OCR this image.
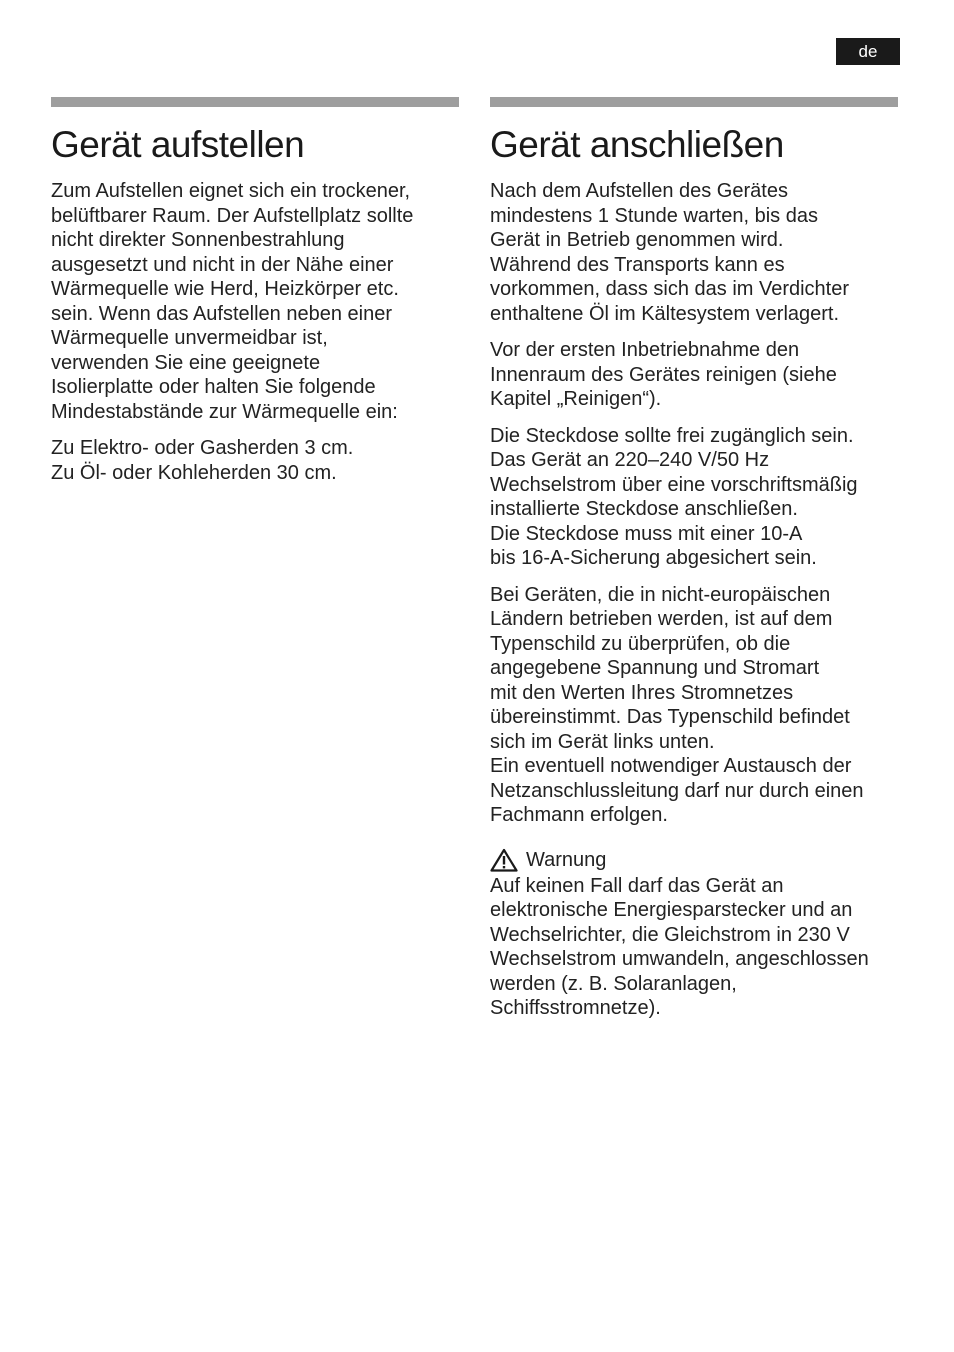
de
Gerät aufstellen

Zum Aufstellen eignet sich ein trockener,
belüftbarer Raum. Der Aufstellplatz sollte
nicht direkter Sonnenbestrahlung
ausgesetzt und nicht in der Nähe einer
Wärmequelle wie Herd, Heizkörper etc.
sein. Wenn das Aufstellen neben einer
Wärmequelle unvermeidbar ist,
verwenden Sie eine geeignete
Isolierplatte oder halten Sie folgende
Mindestabstände zur Wärmequelle ein:

Zu Elektro- oder Gasherden 3 cm.
Zu Öl- oder Kohleherden 30 cm.

Gerät anschließen

Nach dem Aufstellen des Gerätes
mindestens 1 Stunde warten, bis das
Gerät in Betrieb genommen wird.
Während des Transports kann es
vorkommen, dass sich das im Verdichter
enthaltene Öl im Kältesystem verlagert.

Vor der ersten Inbetriebnahme den
Innenraum des Gerätes reinigen (siehe
Kapitel „Reinigen“).

Die Steckdose sollte frei zugänglich sein.
Das Gerät an 220–240 V/50 Hz
Wechselstrom über eine vorschriftsmäßig
installierte Steckdose anschließen.
Die Steckdose muss mit einer 10-A
bis 16-A-Sicherung abgesichert sein.

Bei Geräten, die in nicht-europäischen
Ländern betrieben werden, ist auf dem
Typenschild zu überprüfen, ob die
angegebene Spannung und Stromart
mit den Werten Ihres Stromnetzes
übereinstimmt. Das Typenschild befindet
sich im Gerät links unten.
Ein eventuell notwendiger Austausch der
Netzanschlussleitung darf nur durch einen
Fachmann erfolgen.

Warnung

Auf keinen Fall darf das Gerät an
elektronische Energiesparstecker und an
Wechselrichter, die Gleichstrom in 230 V
Wechselstrom umwandeln, angeschlossen
werden (z. B. Solaranlagen,
Schiffsstromnetze).
